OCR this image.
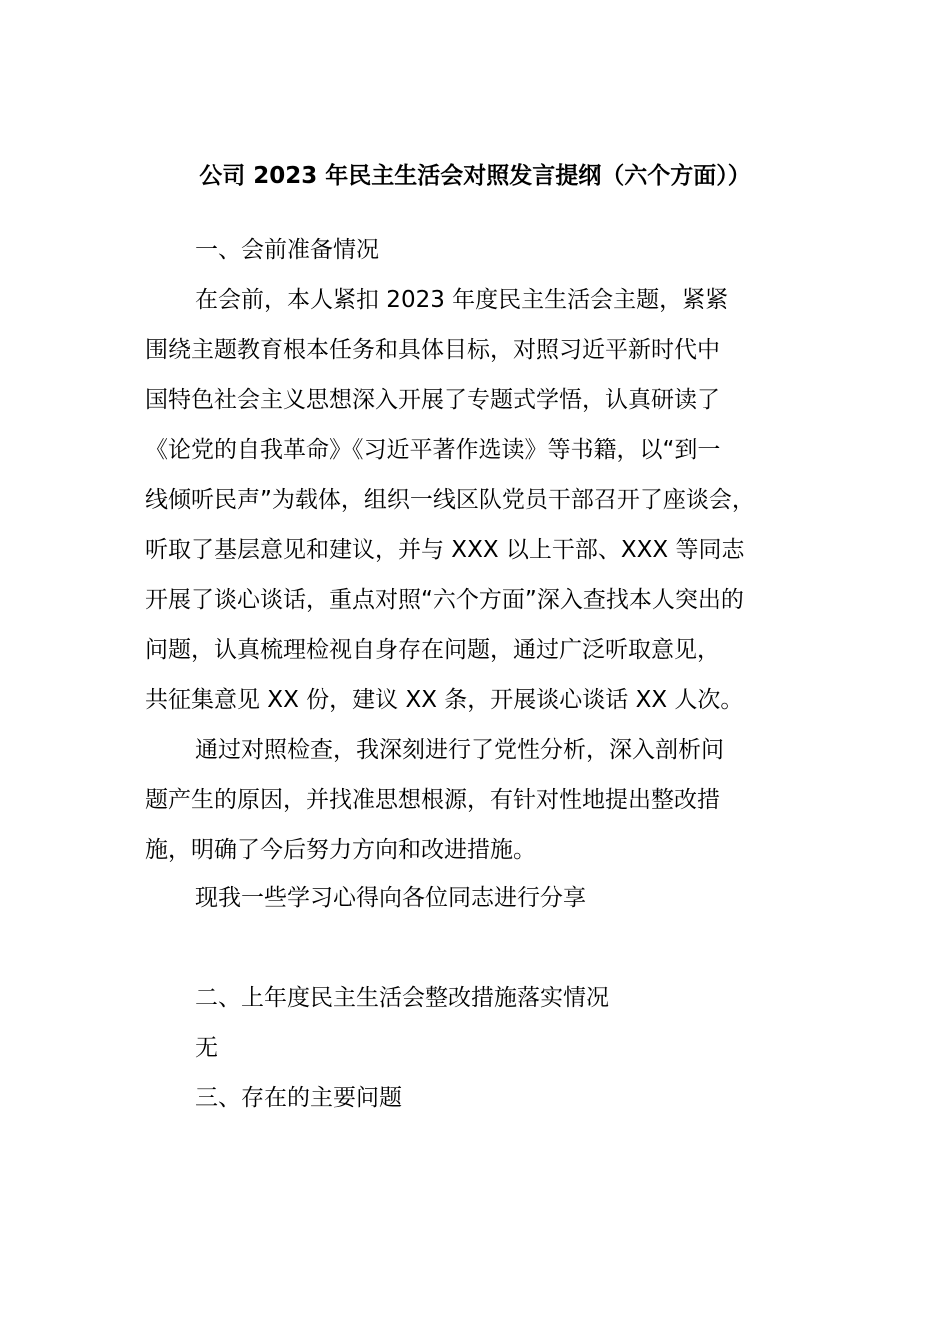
公司 2023 年民主生活会对照发言提纲（六个方面））
一、会前准备情况
在会前，本人紧扣 2023 年度民主生活会主题，紧紧
围绕主题教育根本任务和具体目标，对照习近平新时代中
国特色社会主义思想深入开展了专题式学悟，认真研读了
《论党的自我革命》《习近平著作选读》等书籍，以“到一
线倾听民声”为载体，组织一线区队党员干部召开了座谈会，
听取了基层意见和建议，并与 XXX 以上干部、XXX 等同志
开展了谈心谈话，重点对照“六个方面”深入查找本人突出的
问题，认真梳理检视自身存在问题，通过广泛听取意见，
共征集意见 XX 份，建议 XX 条，开展谈心谈话 XX 人次。
通过对照检查，我深刻进行了党性分析，深入剖析问
题产生的原因，并找准思想根源，有针对性地提出整改措
施，明确了今后努力方向和改进措施。
现我一些学习心得向各位同志进行分享
二、上年度民主生活会整改措施落实情况
无
三、存在的主要问题
